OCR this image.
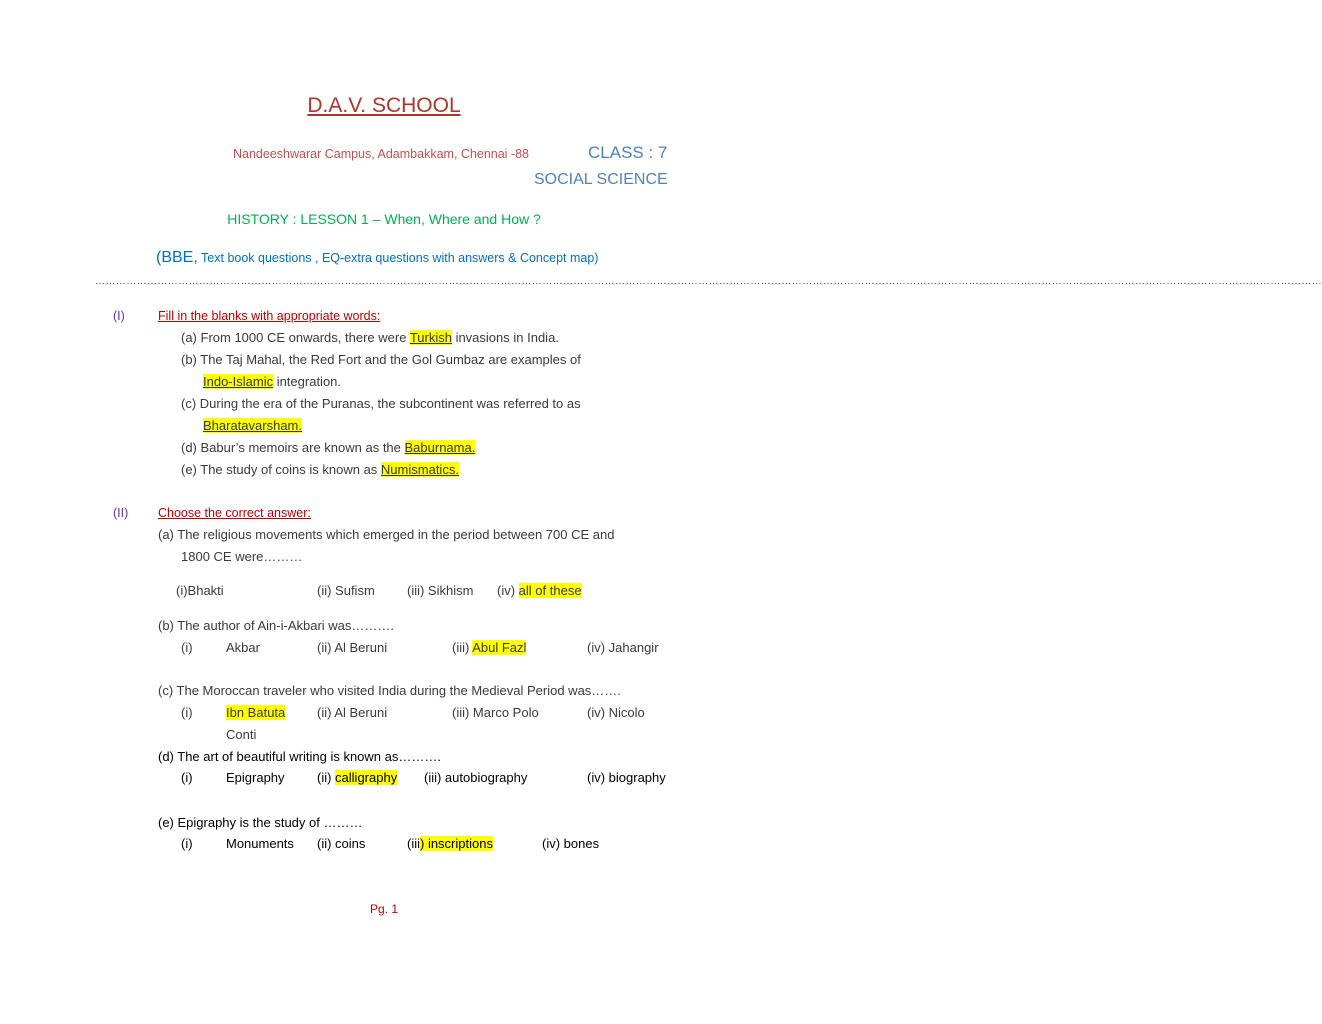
D.A.V. SCHOOL
Nandeeshwarar Campus, Adambakkam, Chennai -88	CLASS : 7
SOCIAL SCIENCE
HISTORY : LESSON 1 – When, Where and How ?
(BBE, Text book questions , EQ-extra questions with answers & Concept map)
…………………………………………………………………………………………………………………………………………………………………………………………………………………………………………………………………………………………………………………………
(I)	Fill in the blanks with appropriate words:
(a) From 1000 CE onwards, there were Turkish invasions in India.
(b) The Taj Mahal, the Red Fort and the Gol Gumbaz are examples of
Indo-Islamic integration.
(c) During the era of the Puranas, the subcontinent was referred to as
Bharatavarsham.
(d) Babur’s memoirs are known as the Baburnama.
(e) The study of coins is known as Numismatics.
(II) Choose the correct answer:
(a) The religious movements which emerged in the period between 700 CE and
1800 CE were………
(i)Bhakti	(ii) Sufism (iii) Sikhism (iv) all of these
(b) The author of Ain-i-Akbari was……….
(i)	Akbar	(ii) Al Beruni	(iii) Abul Fazl	(iv) Jahangir
(c) The Moroccan traveler who visited India during the Medieval Period was…….
(i)	Ibn Batuta (ii) Al Beruni	(iii) Marco Polo	(iv) Nicolo
Conti
(d) The art of beautiful writing is known as……….
(i)	Epigraphy (ii) calligraphy (iii) autobiography	(iv) biography
(e) Epigraphy is the study of ………
(i)	Monuments (ii) coins	(iii) inscriptions	(iv) bones
Pg. 1
